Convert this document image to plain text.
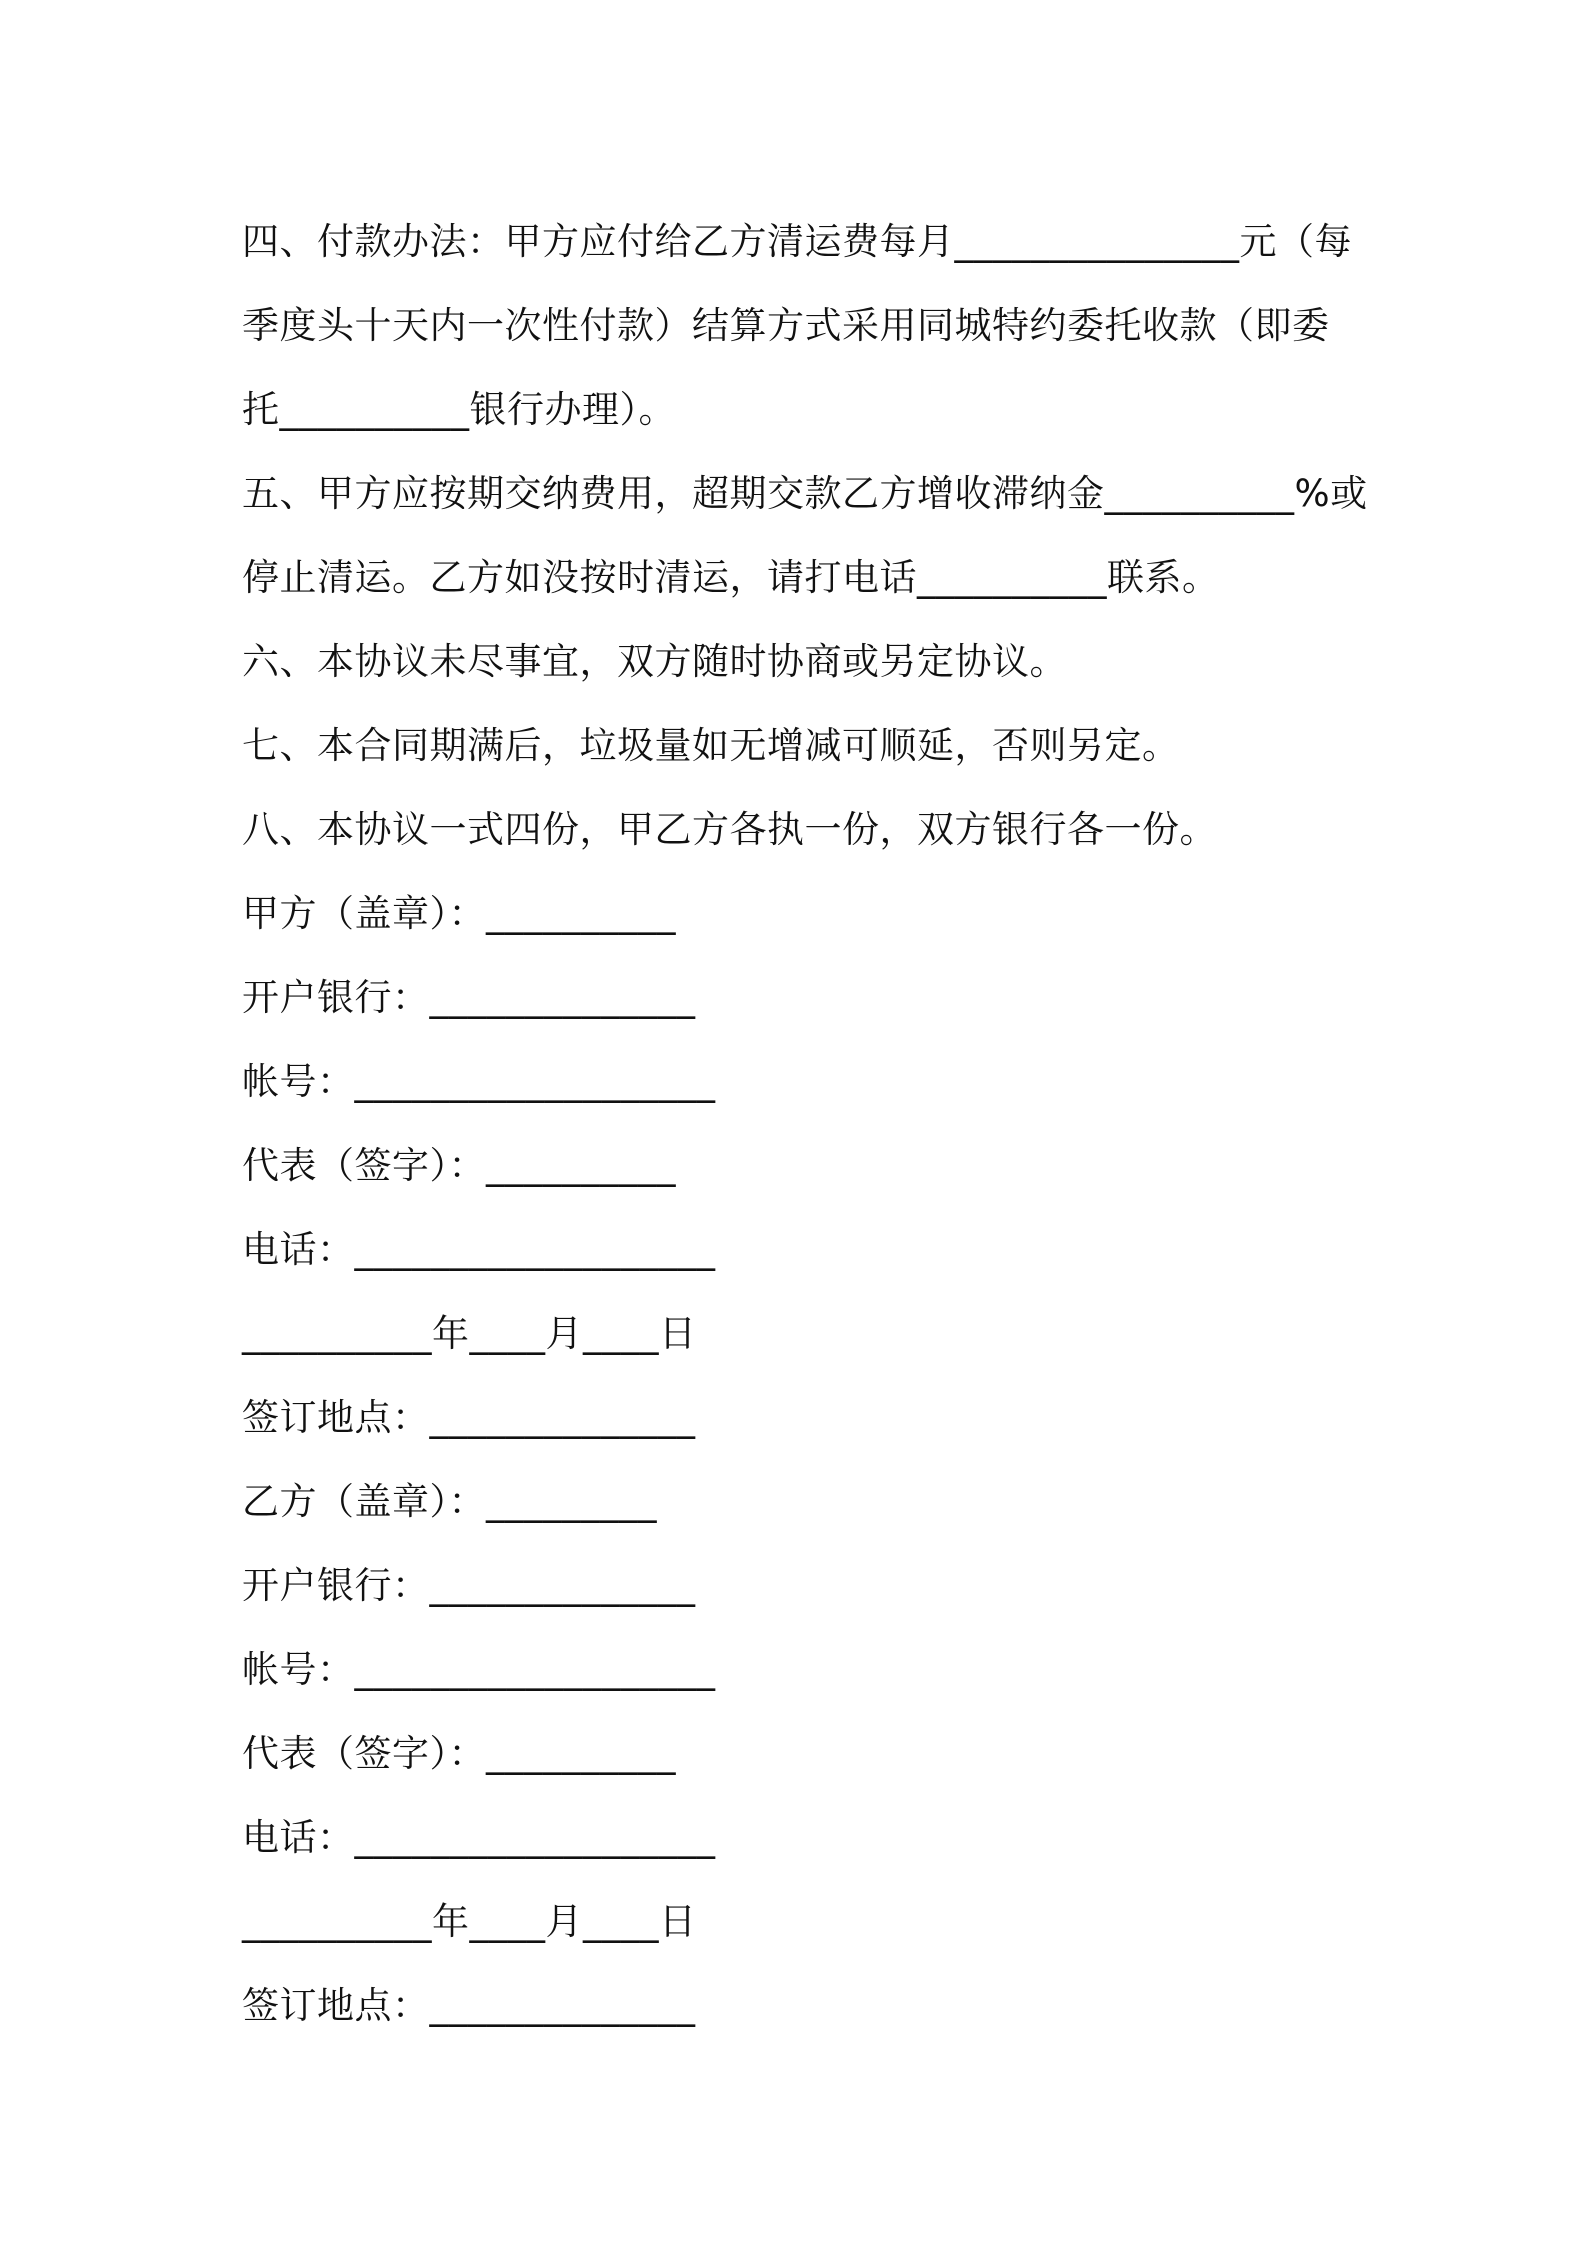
四、付款办法：甲方应付给乙方清运费每月_______________元（每
季度头十天内一次性付款）结算方式采用同城特约委托收款（即委
托__________银行办理）。
五、甲方应按期交纳费用，超期交款乙方增收滞纳金__________%或
停止清运。乙方如没按时清运，请打电话__________联系。
六、本协议未尽事宜，双方随时协商或另定协议。
七、本合同期满后，垃圾量如无增减可顺延，否则另定。
八、本协议一式四份，甲乙方各执一份，双方银行各一份。
甲方（盖章）：__________
开户银行：______________
帐号：___________________
代表（签字）：__________
电话：___________________
__________年____月____日
签订地点：______________
乙方（盖章）：_________
开户银行：______________
帐号：___________________
代表（签字）：__________
电话：___________________
__________年____月____日
签订地点：______________
